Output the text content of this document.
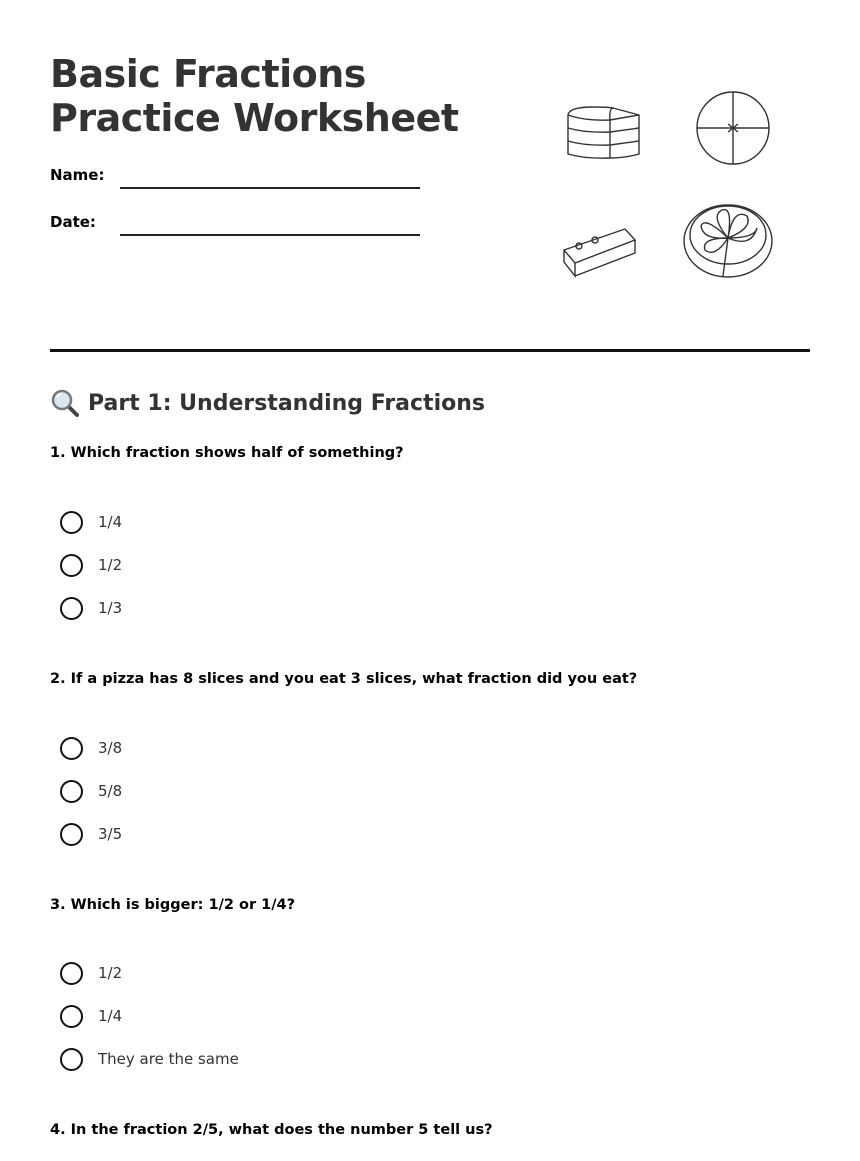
Basic Fractions Practice Worksheet
Name:
Date:
Part 1: Understanding Fractions
1. Which fraction shows half of something?
1/4
1/2
1/3
2. If a pizza has 8 slices and you eat 3 slices, what fraction did you eat?
3/8
5/8
3/5
3. Which is bigger: 1/2 or 1/4?
1/2
1/4
They are the same
4. In the fraction 2/5, what does the number 5 tell us?
